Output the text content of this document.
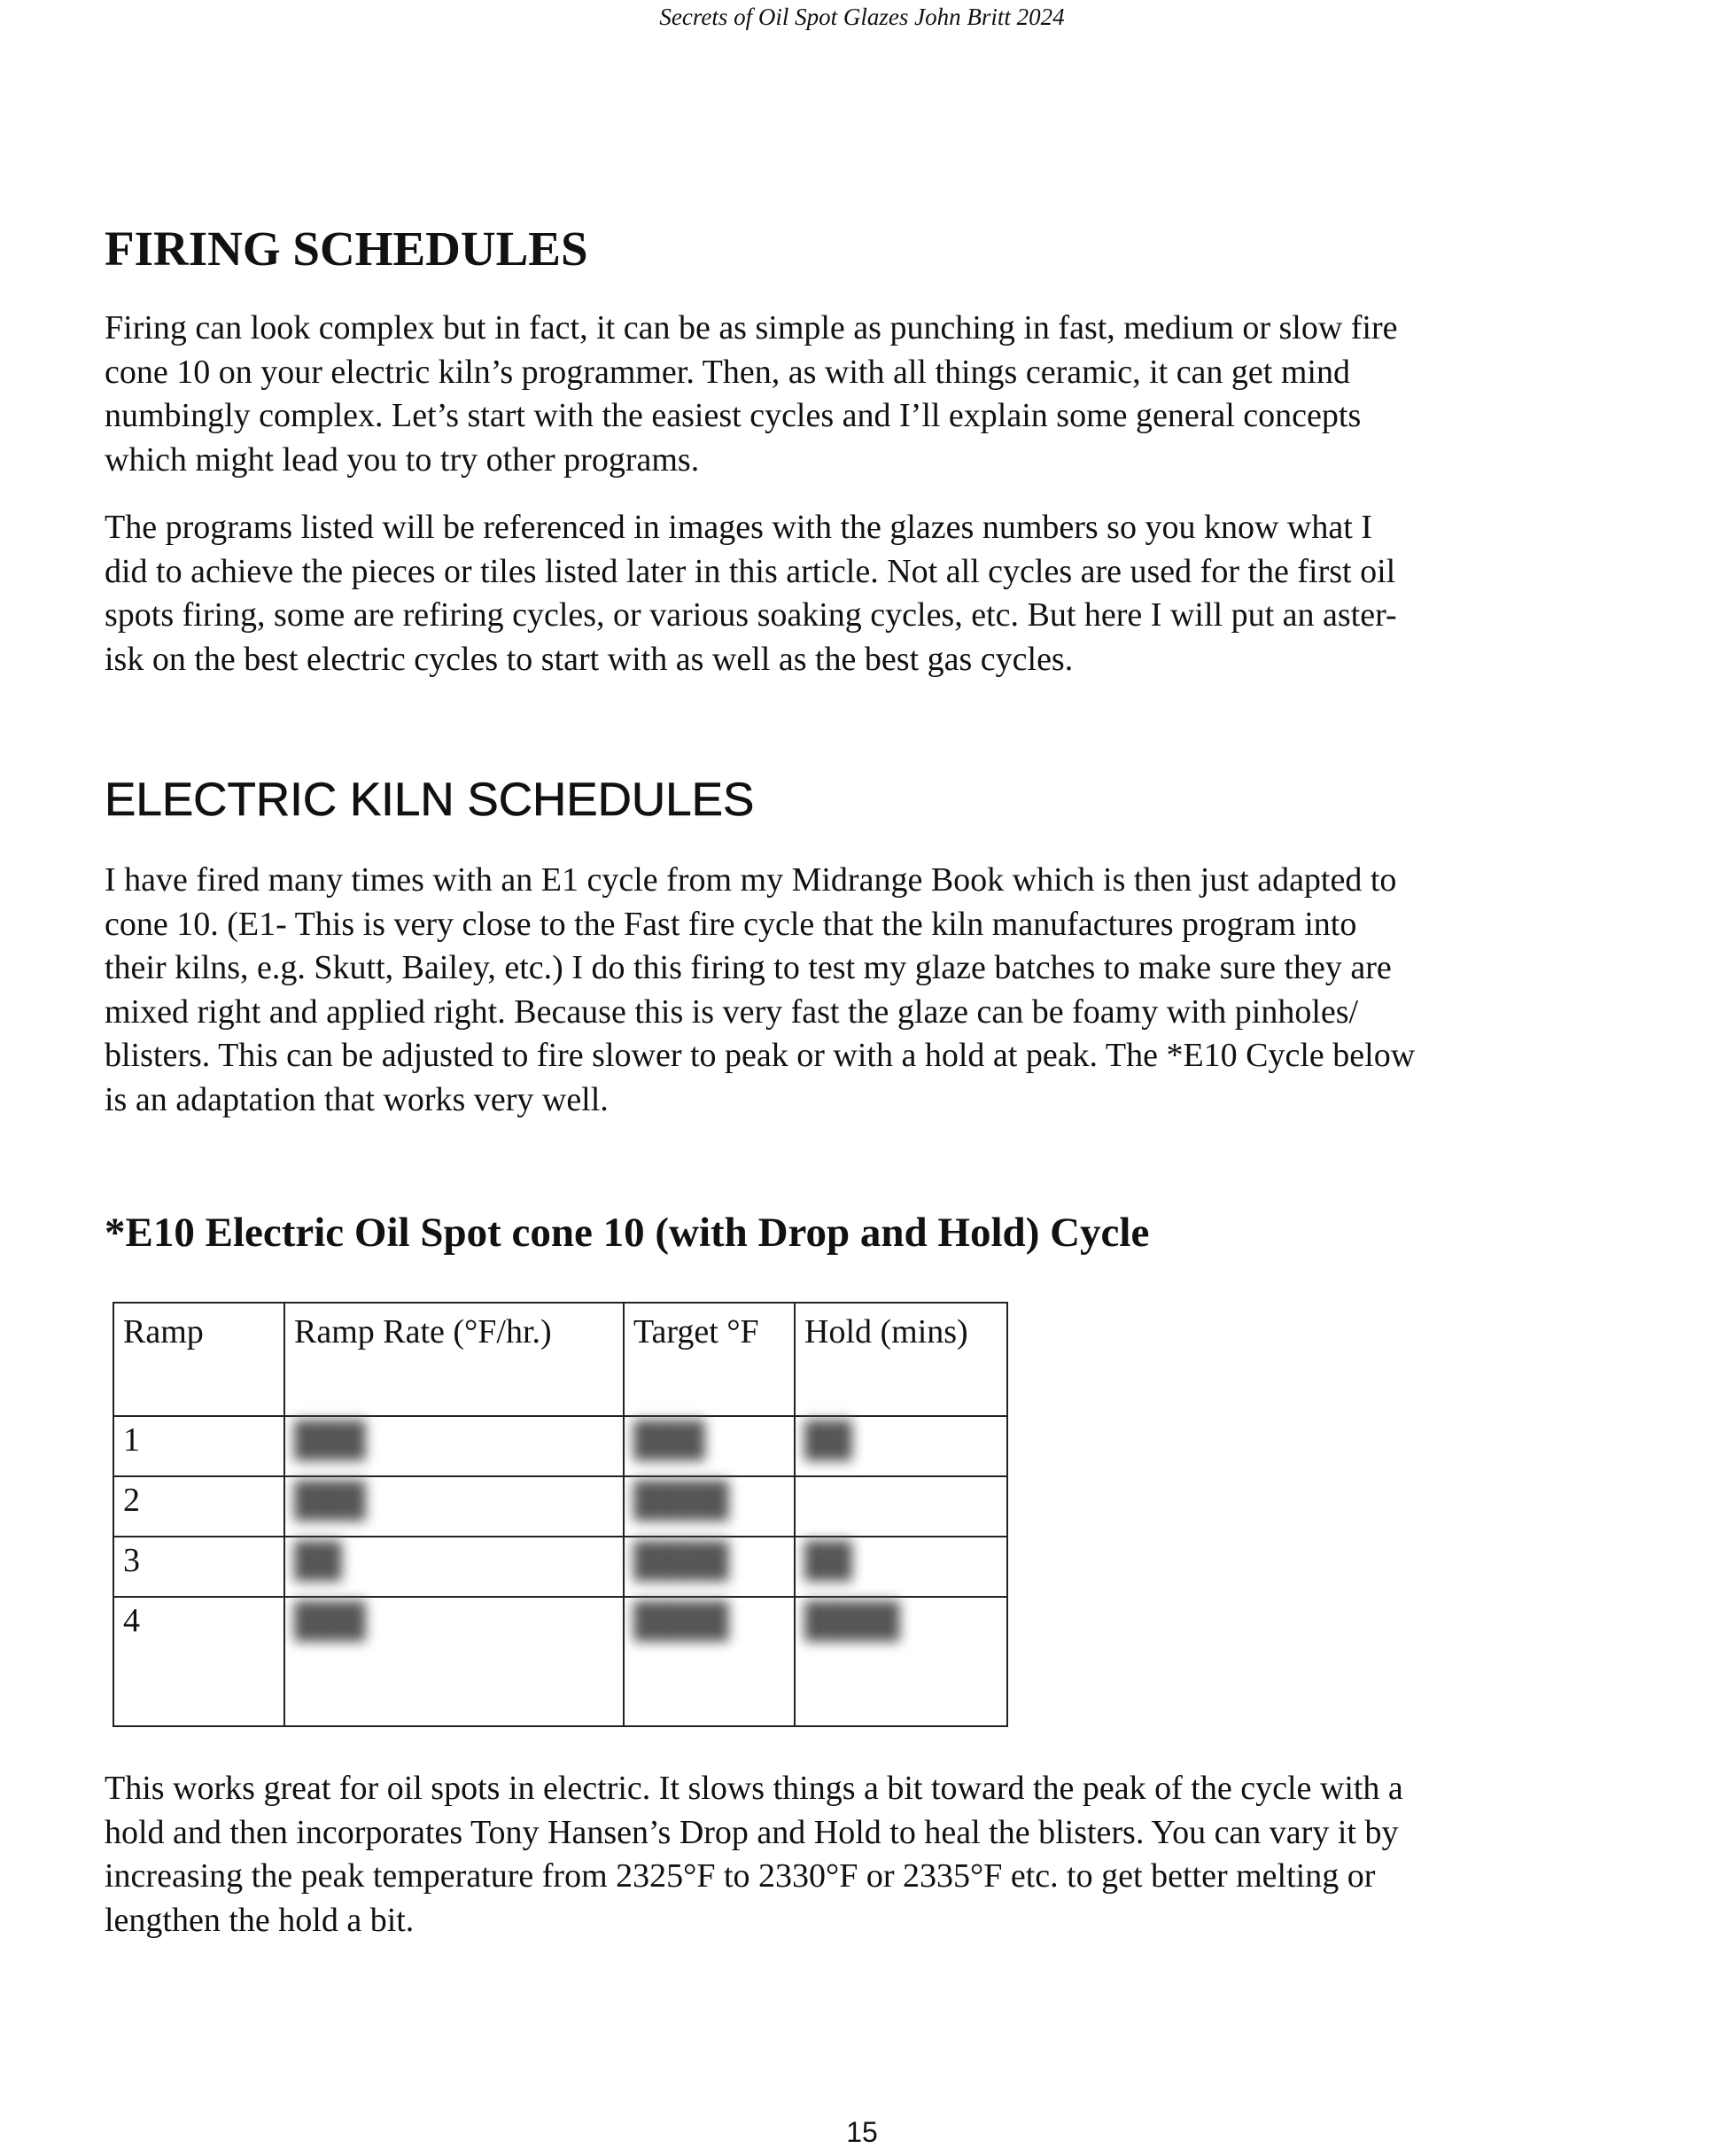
Secrets of Oil Spot Glazes John Britt 2024
FIRING SCHEDULES

Firing can look complex but in fact, it can be as simple as punching in fast, medium or slow fire
cone 10 on your electric kiln’s programmer. Then, as with all things ceramic, it can get mind
numbingly complex. Let’s start with the easiest cycles and I’ll explain some general concepts
which might lead you to try other programs.

The programs listed will be referenced in images with the glazes numbers so you know what I
did to achieve the pieces or tiles listed later in this article. Not all cycles are used for the first oil
spots firing, some are refiring cycles, or various soaking cycles, etc. But here I will put an aster-
isk on the best electric cycles to start with as well as the best gas cycles.

ELECTRIC KILN SCHEDULES

I have fired many times with an E1 cycle from my Midrange Book which is then just adapted to
cone 10. (E1- This is very close to the Fast fire cycle that the kiln manufactures program into
their kilns, e.g. Skutt, Bailey, etc.) I do this firing to test my glaze batches to make sure they are
mixed right and applied right. Because this is very fast the glaze can be foamy with pinholes/
blisters. This can be adjusted to fire slower to peak or with a hold at peak. The *E10 Cycle below
is an adaptation that works very well.

*E10 Electric Oil Spot cone 10 (with Drop and Hold) Cycle

This works great for oil spots in electric. It slows things a bit toward the peak of the cycle with a
hold and then incorporates Tony Hansen’s Drop and Hold to heal the blisters. You can vary it by
increasing the peak temperature from 2325°F to 2330°F or 2335°F etc. to get better melting or
lengthen the hold a bit.

Ramp	Ramp Rate (°F/hr.)	Target °F	Hold (mins)
1	███	███	██
2	███	████	
3	██	████	██
4	███	████	████
15
